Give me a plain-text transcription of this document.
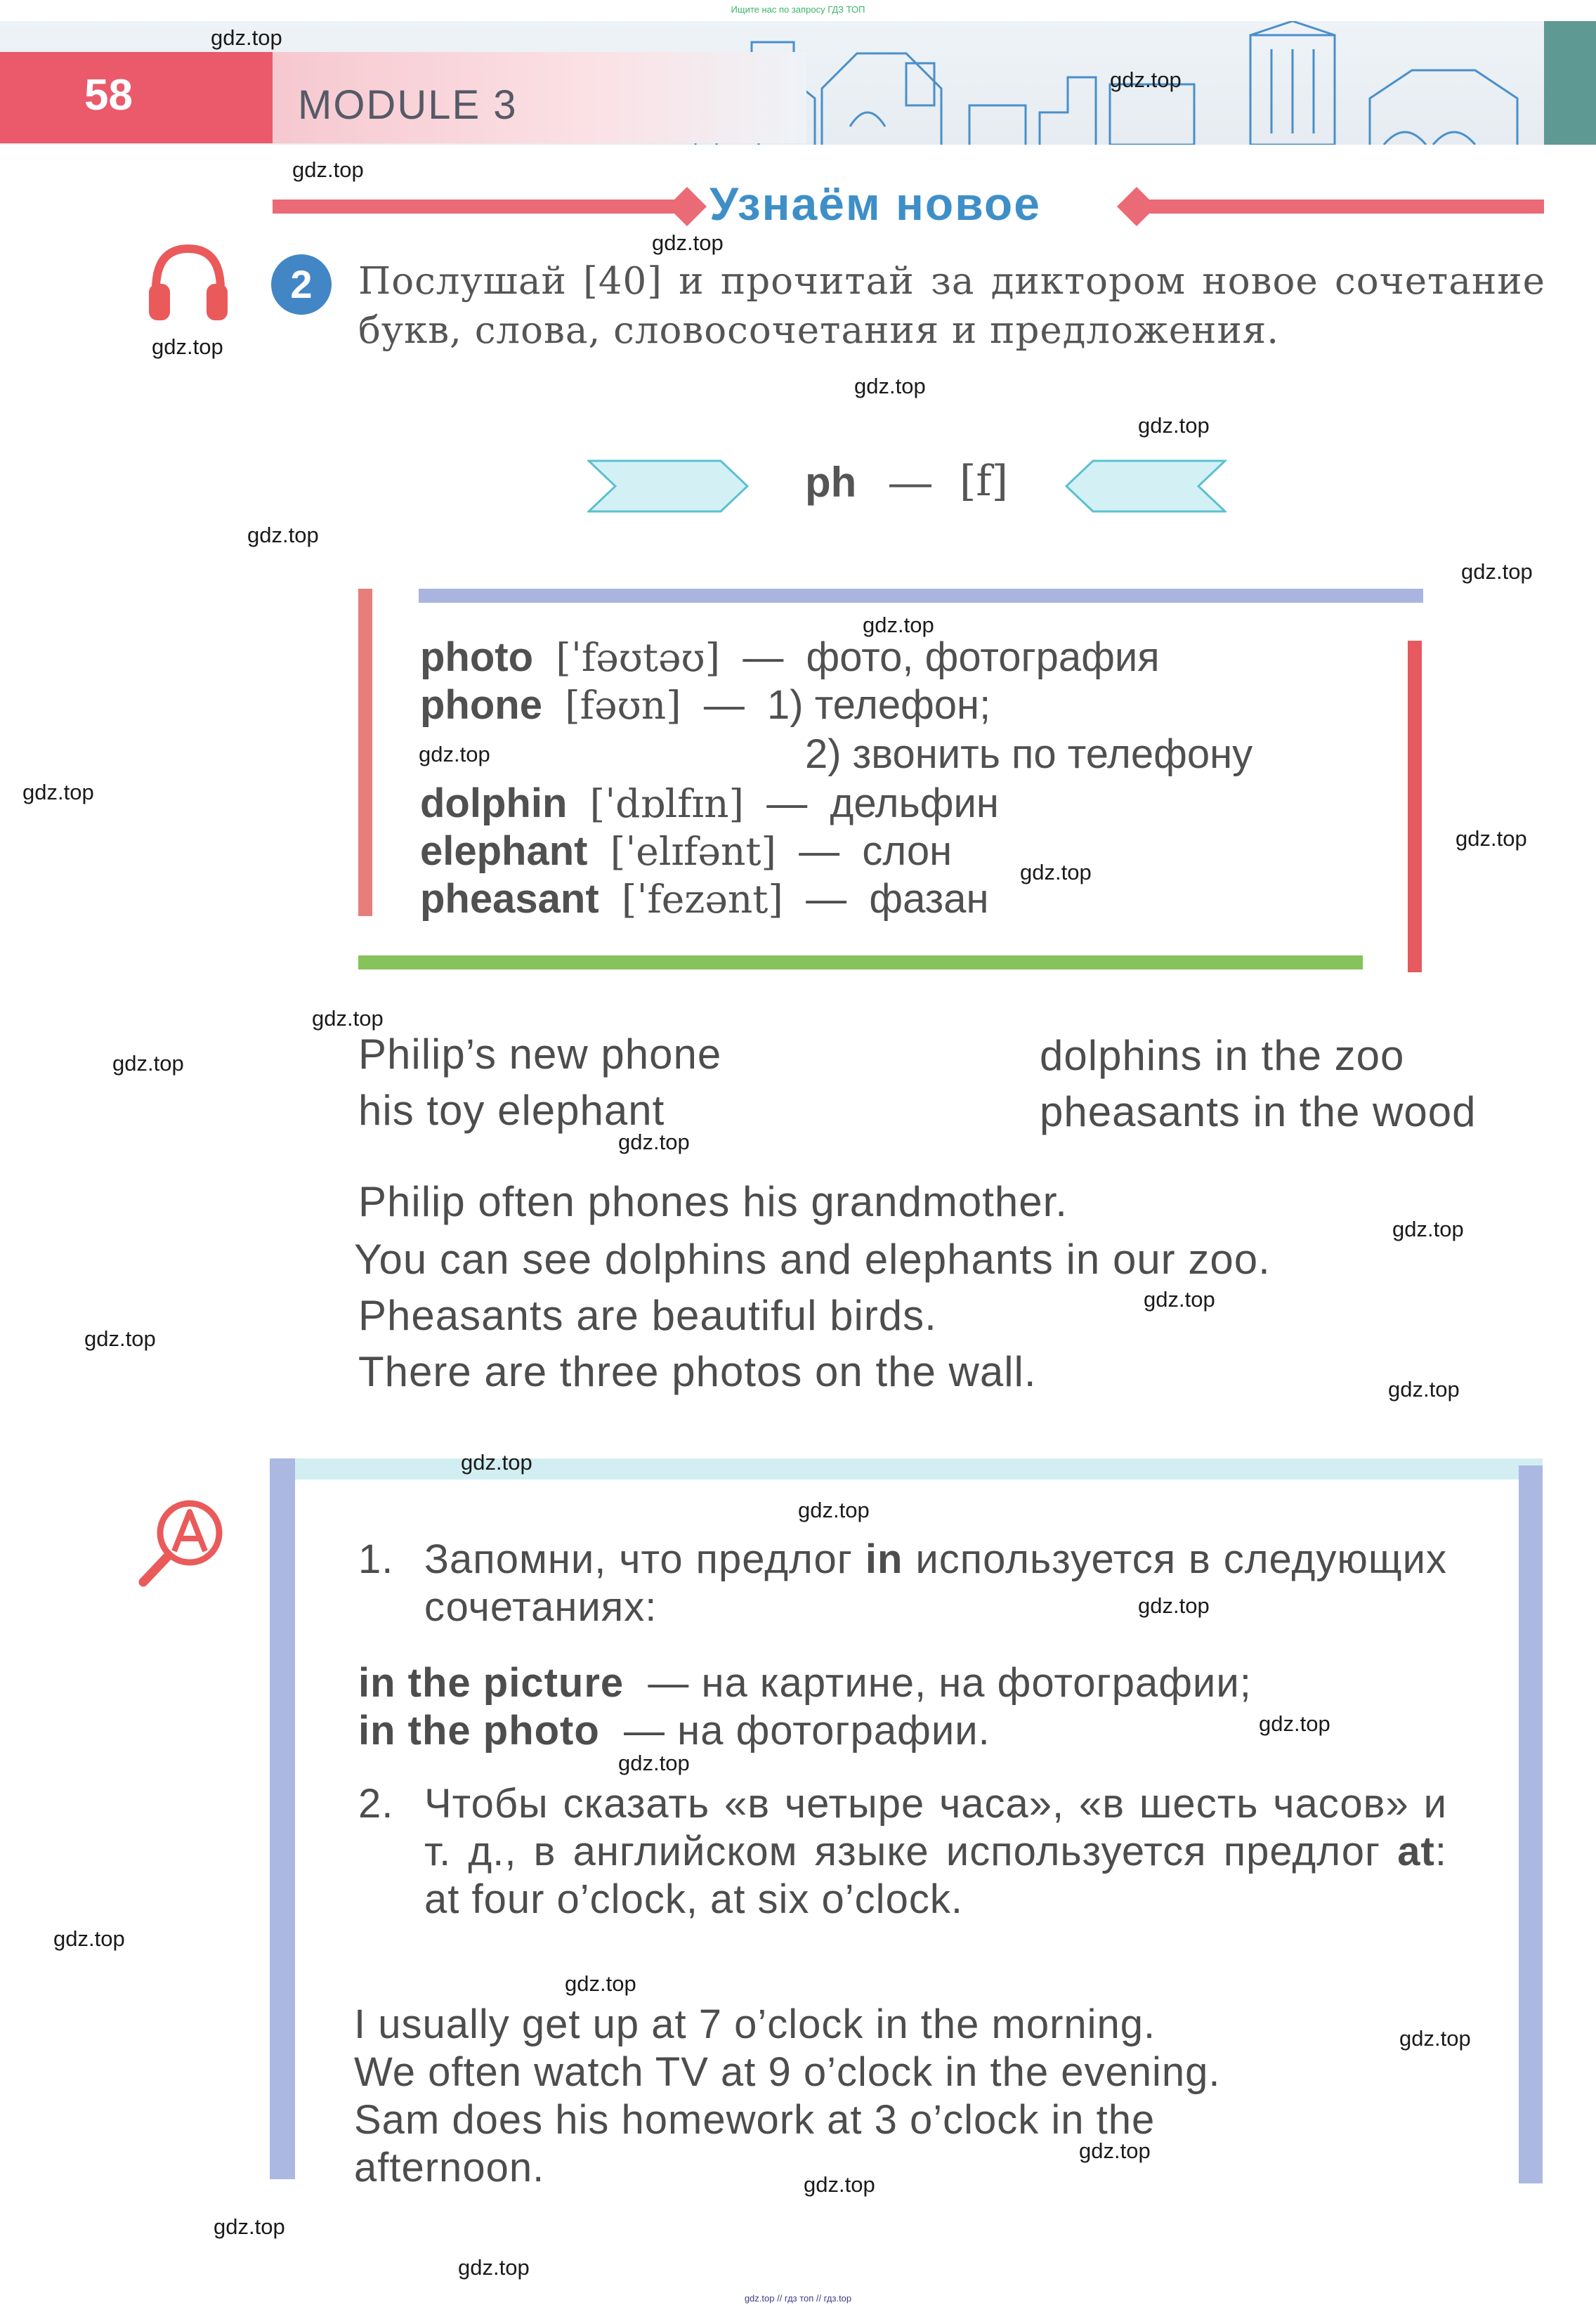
Ищите нас по запросу ГДЗ ТОП
58	MODULE 3
Узнаём новое
2	Послушай [40] и прочитай за диктором новое сочетание букв, слова, словосочетания и предложения.
ph — [f]
photo [ˈfəʊtəʊ] — фото, фотография
phone [fəʊn] — 1) телефон;
2) звонить по телефону
dolphin [ˈdɒlfɪn] — дельфин
elephant [ˈelɪfənt] — слон
pheasant [ˈfezənt] — фазан
Philip’s new phone
his toy elephant
dolphins in the zoo
pheasants in the wood
Philip often phones his grandmother.
You can see dolphins and elephants in our zoo.
Pheasants are beautiful birds.
There are three photos on the wall.
1. Запомни, что предлог in используется в следующих сочетаниях:
in the picture — на картине, на фотографии;
in the photo — на фотографии.
2. Чтобы сказать «в четыре часа», «в шесть часов» и т. д., в английском языке используется предлог at: at four o’clock, at six o’clock.
I usually get up at 7 o’clock in the morning.
We often watch TV at 9 o’clock in the evening.
Sam does his homework at 3 o’clock in the
afternoon.
gdz.top
gdz.top
gdz.top
gdz.top
gdz.top
gdz.top
gdz.top
gdz.top
gdz.top
gdz.top
gdz.top
gdz.top
gdz.top
gdz.top
gdz.top
gdz.top
gdz.top
gdz.top
gdz.top
gdz.top
gdz.top
gdz.top
gdz.top
gdz.top
gdz.top
gdz.top
gdz.top
gdz.top
gdz.top
gdz.top
gdz.top
gdz.top
gdz.top
gdz.top // гдз топ // гдз.top
